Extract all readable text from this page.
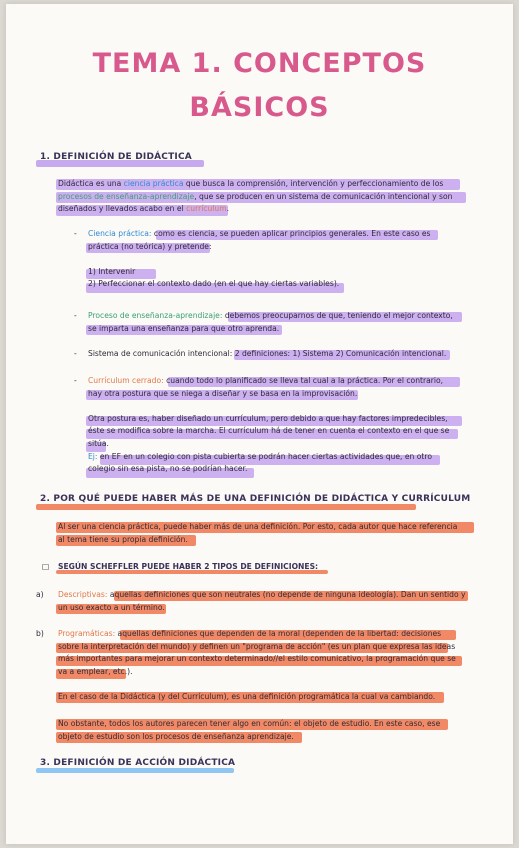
TEMA 1. CONCEPTOS
BÁSICOS
1. DEFINICIÓN DE DIDÁCTICA
Didáctica es una ciencia práctica que busca la comprensión, intervención y perfeccionamiento de los
procesos de enseñanza-aprendizaje, que se producen en un sistema de comunicación intencional y son
diseñados y llevados acabo en el currículum.
- Ciencia práctica: como es ciencia, se pueden aplicar principios generales. En este caso es
práctica (no teórica) y pretende:

1) Intervenir
2) Perfeccionar el contexto dado (en el que hay ciertas variables).
- Proceso de enseñanza-aprendizaje: debemos preocuparnos de que, teniendo el mejor contexto,
se imparta una enseñanza para que otro aprenda.
- Sistema de comunicación intencional: 2 definiciones: 1) Sistema 2) Comunicación intencional.
- Currículum cerrado: cuando todo lo planificado se lleva tal cual a la práctica. Por el contrario,
hay otra postura que se niega a diseñar y se basa en la improvisación.

Otra postura es, haber diseñado un currículum, pero debido a que hay factores impredecibles,
éste se modifica sobre la marcha. El currículum há de tener en cuenta el contexto en el que se
sitúa.
Ej: en EF en un colegio con pista cubierta se podrán hacer ciertas actividades que, en otro
colegio sin esa pista, no se podrían hacer.
2. POR QUÉ PUEDE HABER MÁS DE UNA DEFINICIÓN DE DIDÁCTICA Y CURRÍCULUM
Al ser una ciencia práctica, puede haber más de una definición. Por esto, cada autor que hace referencia
al tema tiene su propia definición.
□ SEGÚN SCHEFFLER PUEDE HABER 2 TIPOS DE DEFINICIONES:
a) Descriptivas: aquellas definiciones que son neutrales (no depende de ninguna ideología). Dan un sentido y
un uso exacto a un término.
b) Programáticas: aquellas definiciones que dependen de la moral (dependen de la libertad: decisiones
sobre la interpretación del mundo) y definen un "programa de acción" (es un plan que expresa las ideas
más importantes para mejorar un contexto determinado//el estilo comunicativo, la programación que se
va a emplear, etc.).
En el caso de la Didáctica (y del Currículum), es una definición programática la cual va cambiando.
No obstante, todos los autores parecen tener algo en común: el objeto de estudio. En este caso, ese
objeto de estudio son los procesos de enseñanza aprendizaje.
3. DEFINICIÓN DE ACCIÓN DIDÁCTICA
